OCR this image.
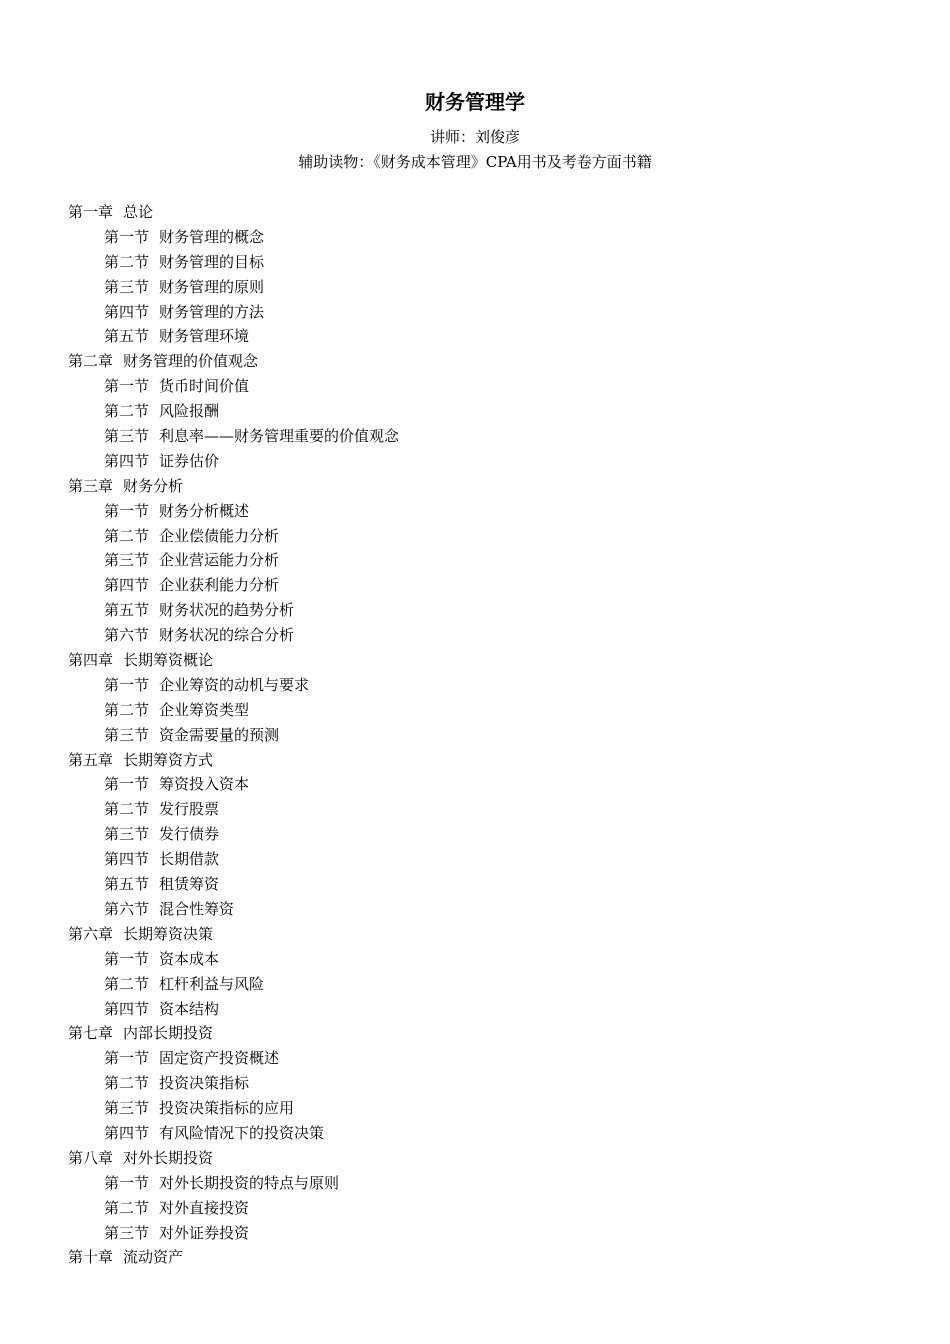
财务管理学
讲师：刘俊彦
辅助读物：《财务成本管理》CPA用书及考卷方面书籍
第一章 总论
第一节 财务管理的概念
第二节 财务管理的目标
第三节 财务管理的原则
第四节 财务管理的方法
第五节 财务管理环境
第二章 财务管理的价值观念
第一节 货币时间价值
第二节 风险报酬
第三节 利息率——财务管理重要的价值观念
第四节 证券估价
第三章 财务分析
第一节 财务分析概述
第二节 企业偿债能力分析
第三节 企业营运能力分析
第四节 企业获利能力分析
第五节 财务状况的趋势分析
第六节 财务状况的综合分析
第四章 长期筹资概论
第一节 企业筹资的动机与要求
第二节 企业筹资类型
第三节 资金需要量的预测
第五章 长期筹资方式
第一节 筹资投入资本
第二节 发行股票
第三节 发行债券
第四节 长期借款
第五节 租赁筹资
第六节 混合性筹资
第六章 长期筹资决策
第一节 资本成本
第二节 杠杆利益与风险
第四节 资本结构
第七章 内部长期投资
第一节 固定资产投资概述
第二节 投资决策指标
第三节 投资决策指标的应用
第四节 有风险情况下的投资决策
第八章 对外长期投资
第一节 对外长期投资的特点与原则
第二节 对外直接投资
第三节 对外证券投资
第十章 流动资产
